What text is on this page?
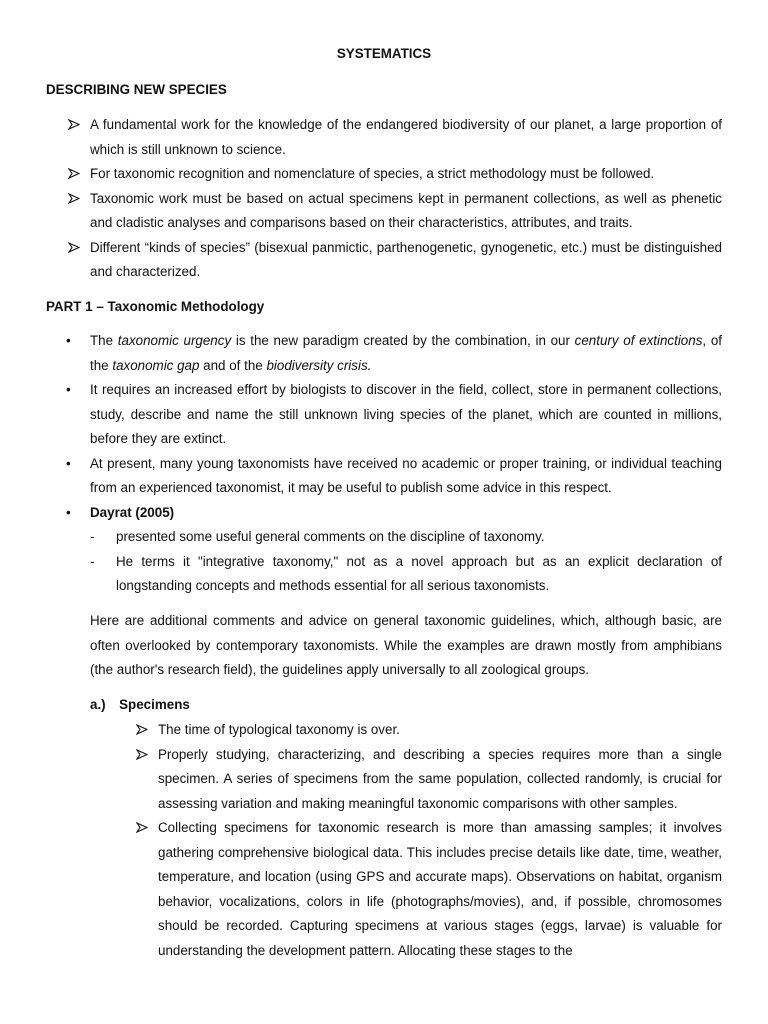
SYSTEMATICS
DESCRIBING NEW SPECIES
A fundamental work for the knowledge of the endangered biodiversity of our planet, a large proportion of which is still unknown to science.
For taxonomic recognition and nomenclature of species, a strict methodology must be followed.
Taxonomic work must be based on actual specimens kept in permanent collections, as well as phenetic and cladistic analyses and comparisons based on their characteristics, attributes, and traits.
Different “kinds of species” (bisexual panmictic, parthenogenetic, gynogenetic, etc.) must be distinguished and characterized.
PART 1 – Taxonomic Methodology
• The taxonomic urgency is the new paradigm created by the combination, in our century of extinctions, of the taxonomic gap and of the biodiversity crisis.
• It requires an increased effort by biologists to discover in the field, collect, store in permanent collections, study, describe and name the still unknown living species of the planet, which are counted in millions, before they are extinct.
• At present, many young taxonomists have received no academic or proper training, or individual teaching from an experienced taxonomist, it may be useful to publish some advice in this respect.
• Dayrat (2005)
- presented some useful general comments on the discipline of taxonomy.
- He terms it "integrative taxonomy," not as a novel approach but as an explicit declaration of longstanding concepts and methods essential for all serious taxonomists.
Here are additional comments and advice on general taxonomic guidelines, which, although basic, are often overlooked by contemporary taxonomists. While the examples are drawn mostly from amphibians (the author's research field), the guidelines apply universally to all zoological groups.
a.) Specimens
The time of typological taxonomy is over.
Properly studying, characterizing, and describing a species requires more than a single specimen. A series of specimens from the same population, collected randomly, is crucial for assessing variation and making meaningful taxonomic comparisons with other samples.
Collecting specimens for taxonomic research is more than amassing samples; it involves gathering comprehensive biological data. This includes precise details like date, time, weather, temperature, and location (using GPS and accurate maps). Observations on habitat, organism behavior, vocalizations, colors in life (photographs/movies), and, if possible, chromosomes should be recorded. Capturing specimens at various stages (eggs, larvae) is valuable for understanding the development pattern. Allocating these stages to the
